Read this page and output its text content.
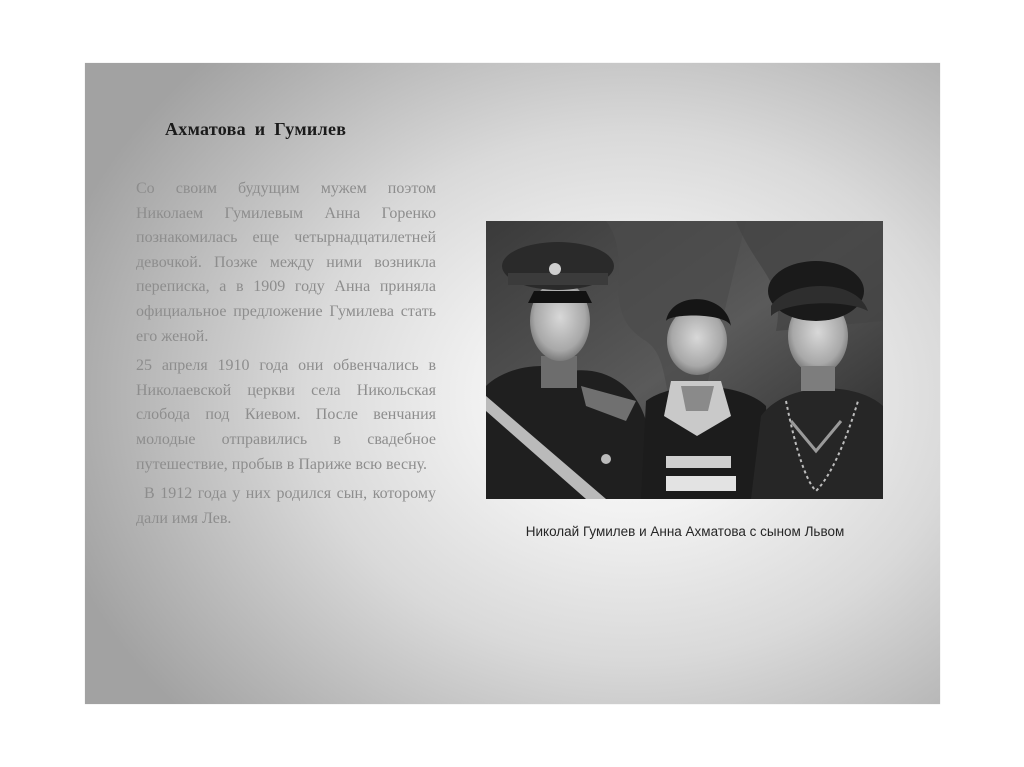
Ахматова и Гумилев

Со своим будущим мужем поэтом Николаем Гумилевым Анна Горенко познакомилась еще четырнадцатилетней девочкой. Позже между ними возникла переписка, а в 1909 году Анна приняла официальное предложение Гумилева стать его женой.

25 апреля 1910 года они обвенчались в Николаевской церкви села Никольская слобода под Киевом. После венчания молодые отправились в свадебное путешествие, пробыв в Париже всю весну.

В 1912 года у них родился сын, которому дали имя Лев.

Николай Гумилев и Анна Ахматова с сыном Львом
